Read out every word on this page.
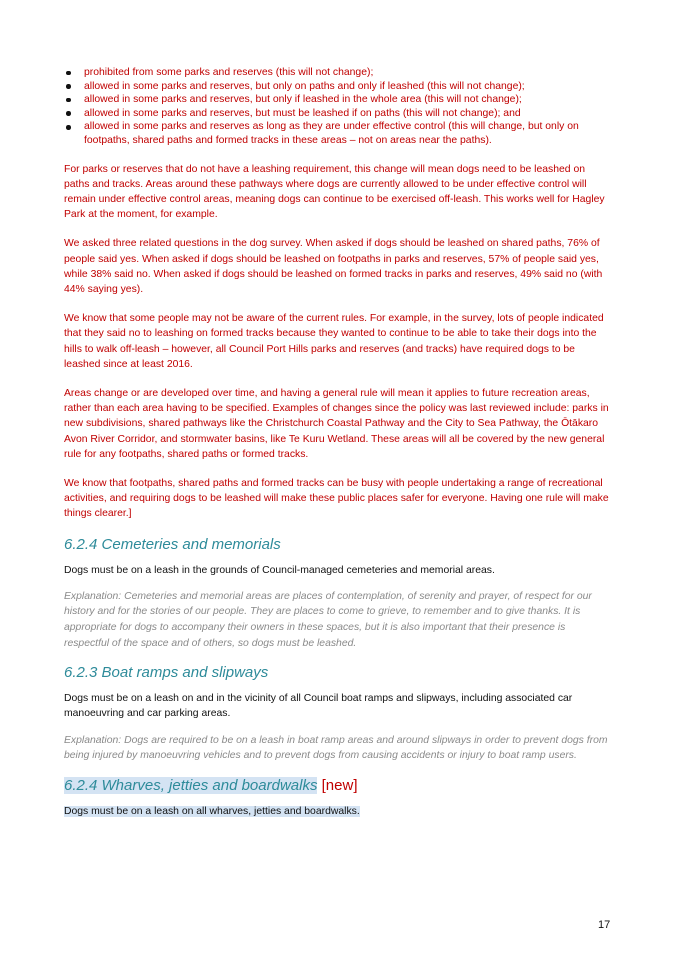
prohibited from some parks and reserves (this will not change);
allowed in some parks and reserves, but only on paths and only if leashed (this will not change);
allowed in some parks and reserves, but only if leashed in the whole area (this will not change);
allowed in some parks and reserves, but must be leashed if on paths (this will not change); and
allowed in some parks and reserves as long as they are under effective control (this will change, but only on footpaths, shared paths and formed tracks in these areas – not on areas near the paths).

For parks or reserves that do not have a leashing requirement, this change will mean dogs need to be leashed on paths and tracks. Areas around these pathways where dogs are currently allowed to be under effective control will remain under effective control areas, meaning dogs can continue to be exercised off-leash. This works well for Hagley Park at the moment, for example.

We asked three related questions in the dog survey. When asked if dogs should be leashed on shared paths, 76% of people said yes. When asked if dogs should be leashed on footpaths in parks and reserves, 57% of people said yes, while 38% said no. When asked if dogs should be leashed on formed tracks in parks and reserves, 49% said no (with 44% saying yes).

We know that some people may not be aware of the current rules. For example, in the survey, lots of people indicated that they said no to leashing on formed tracks because they wanted to continue to be able to take their dogs into the hills to walk off-leash – however, all Council Port Hills parks and reserves (and tracks) have required dogs to be leashed since at least 2016.

Areas change or are developed over time, and having a general rule will mean it applies to future recreation areas, rather than each area having to be specified. Examples of changes since the policy was last reviewed include: parks in new subdivisions, shared pathways like the Christchurch Coastal Pathway and the City to Sea Pathway, the Ōtākaro Avon River Corridor, and stormwater basins, like Te Kuru Wetland. These areas will all be covered by the new general rule for any footpaths, shared paths or formed tracks.

We know that footpaths, shared paths and formed tracks can be busy with people undertaking a range of recreational activities, and requiring dogs to be leashed will make these public places safer for everyone. Having one rule will make things clearer.]

6.2.4 Cemeteries and memorials

Dogs must be on a leash in the grounds of Council-managed cemeteries and memorial areas.

Explanation: Cemeteries and memorial areas are places of contemplation, of serenity and prayer, of respect for our history and for the stories of our people. They are places to come to grieve, to remember and to give thanks. It is appropriate for dogs to accompany their owners in these spaces, but it is also important that their presence is respectful of the space and of others, so dogs must be leashed.

6.2.3 Boat ramps and slipways

Dogs must be on a leash on and in the vicinity of all Council boat ramps and slipways, including associated car manoeuvring and car parking areas.

Explanation: Dogs are required to be on a leash in boat ramp areas and around slipways in order to prevent dogs from being injured by manoeuvring vehicles and to prevent dogs from causing accidents or injury to boat ramp users.

6.2.4 Wharves, jetties and boardwalks [new]

Dogs must be on a leash on all wharves, jetties and boardwalks.

17
